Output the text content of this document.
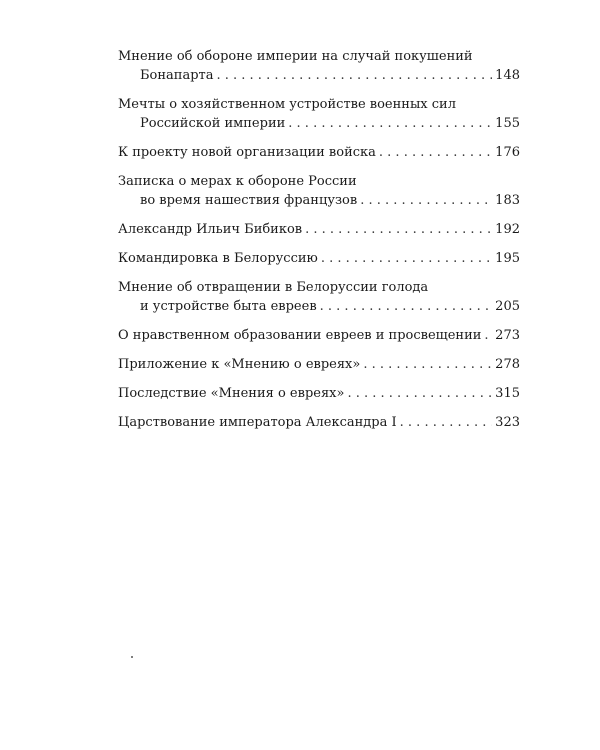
Мнение об обороне империи на случай покушений
Бонапарта . . .	148
Мечты о хозяйственном устройстве военных сил
Российской империи . . .	155
К проекту новой организации войска . . .	176
Записка о мерах к обороне России
во время нашествия французов . . .	183
Александр Ильич Бибиков . . .	192
Командировка в Белоруссию . . .	195
Мнение об отвращении в Белоруссии голода
и устройстве быта евреев . . .	205
О нравственном образовании евреев и просвещении . . . 273
Приложение к «Мнению о евреях» . . .	278
Последствие «Мнения о евреях» . . .	315
Царствование императора Александра I . . .	323
